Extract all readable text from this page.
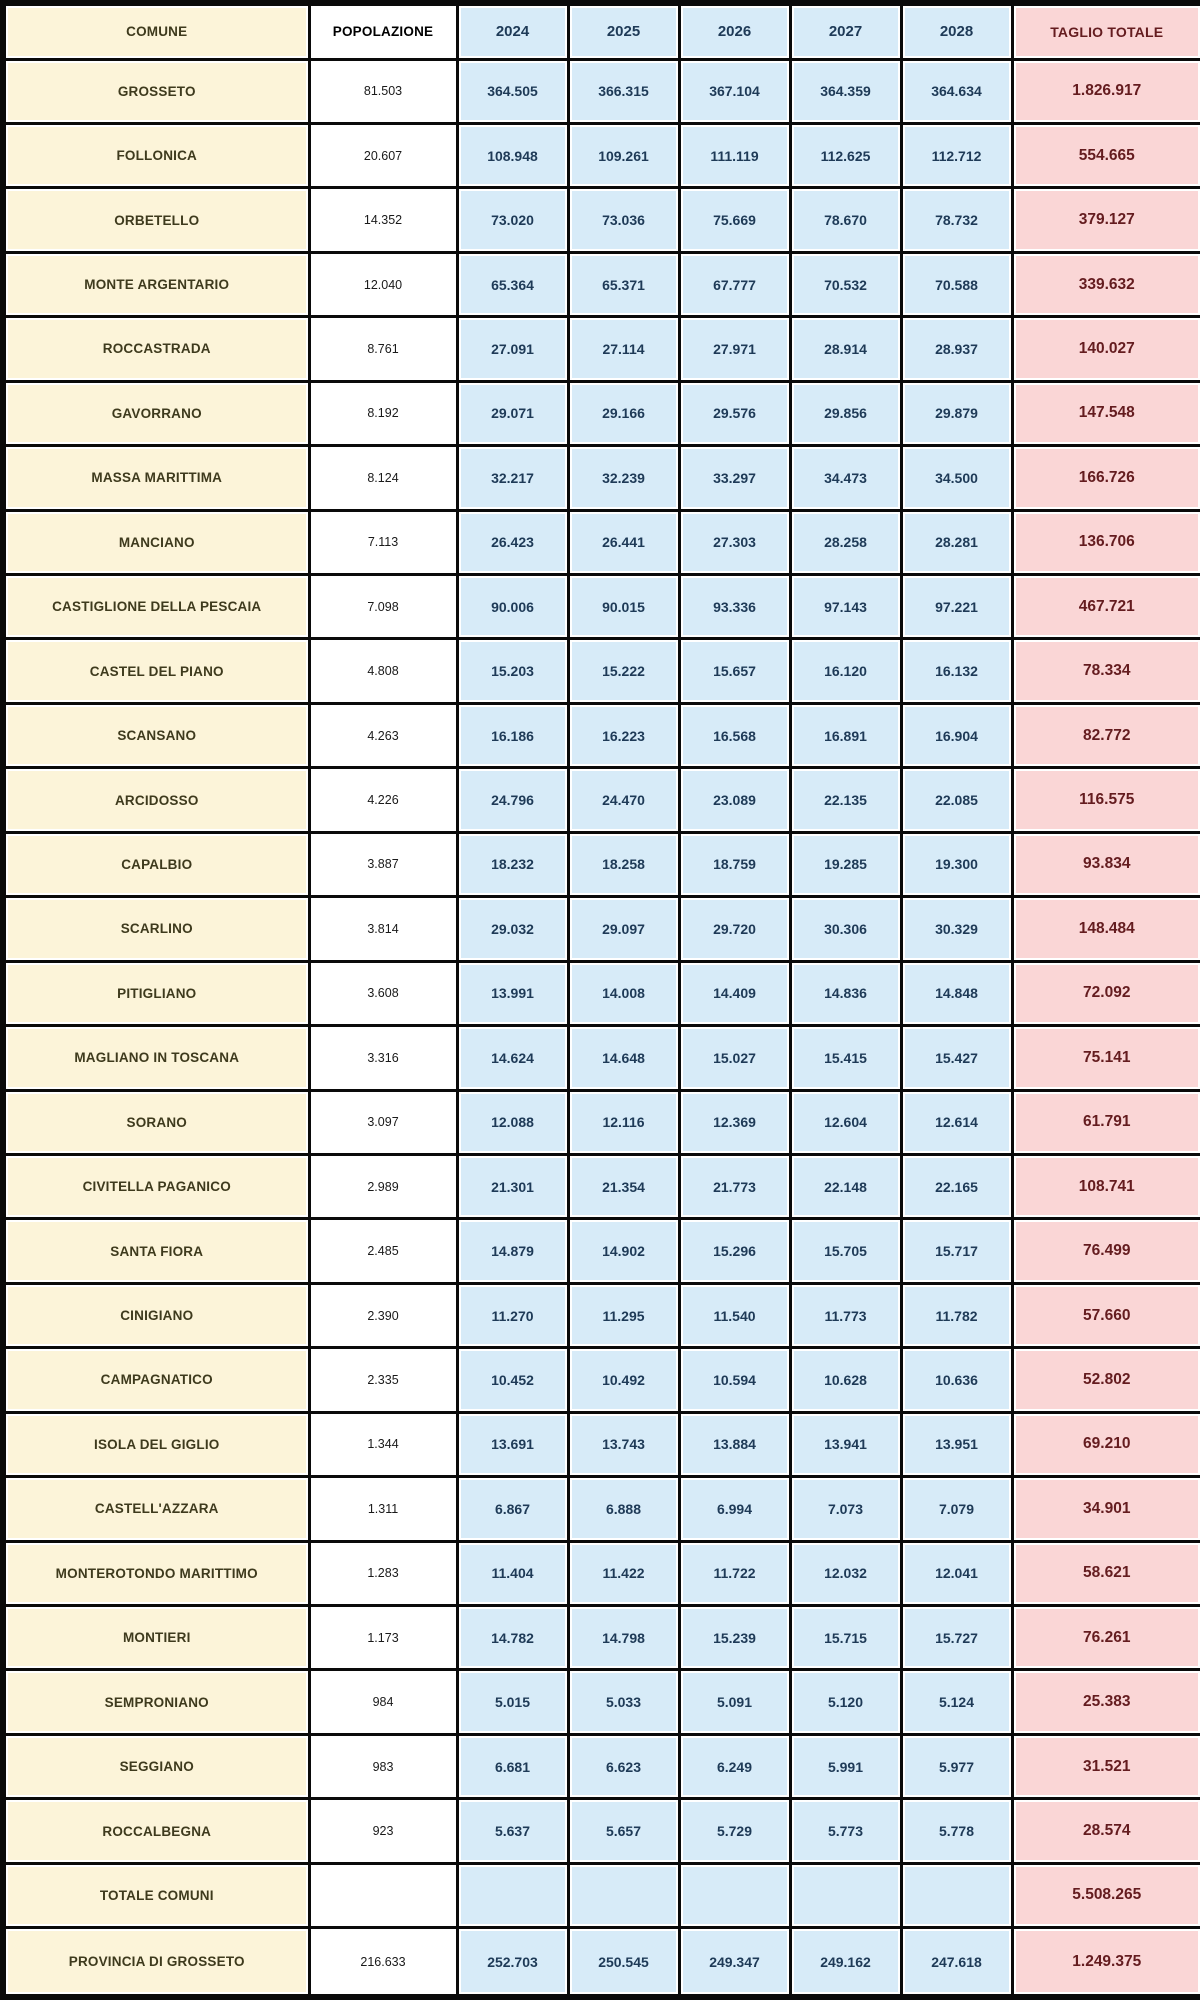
COMUNE	POPOLAZIONE	2024	2025	2026	2027	2028	TAGLIO TOTALE
GROSSETO	81.503	364.505	366.315	367.104	364.359	364.634	1.826.917
FOLLONICA	20.607	108.948	109.261	111.119	112.625	112.712	554.665
ORBETELLO	14.352	73.020	73.036	75.669	78.670	78.732	379.127
MONTE ARGENTARIO	12.040	65.364	65.371	67.777	70.532	70.588	339.632
ROCCASTRADA	8.761	27.091	27.114	27.971	28.914	28.937	140.027
GAVORRANO	8.192	29.071	29.166	29.576	29.856	29.879	147.548
MASSA MARITTIMA	8.124	32.217	32.239	33.297	34.473	34.500	166.726
MANCIANO	7.113	26.423	26.441	27.303	28.258	28.281	136.706
CASTIGLIONE DELLA PESCAIA	7.098	90.006	90.015	93.336	97.143	97.221	467.721
CASTEL DEL PIANO	4.808	15.203	15.222	15.657	16.120	16.132	78.334
SCANSANO	4.263	16.186	16.223	16.568	16.891	16.904	82.772
ARCIDOSSO	4.226	24.796	24.470	23.089	22.135	22.085	116.575
CAPALBIO	3.887	18.232	18.258	18.759	19.285	19.300	93.834
SCARLINO	3.814	29.032	29.097	29.720	30.306	30.329	148.484
PITIGLIANO	3.608	13.991	14.008	14.409	14.836	14.848	72.092
MAGLIANO IN TOSCANA	3.316	14.624	14.648	15.027	15.415	15.427	75.141
SORANO	3.097	12.088	12.116	12.369	12.604	12.614	61.791
CIVITELLA PAGANICO	2.989	21.301	21.354	21.773	22.148	22.165	108.741
SANTA FIORA	2.485	14.879	14.902	15.296	15.705	15.717	76.499
CINIGIANO	2.390	11.270	11.295	11.540	11.773	11.782	57.660
CAMPAGNATICO	2.335	10.452	10.492	10.594	10.628	10.636	52.802
ISOLA DEL GIGLIO	1.344	13.691	13.743	13.884	13.941	13.951	69.210
CASTELL'AZZARA	1.311	6.867	6.888	6.994	7.073	7.079	34.901
MONTEROTONDO MARITTIMO	1.283	11.404	11.422	11.722	12.032	12.041	58.621
MONTIERI	1.173	14.782	14.798	15.239	15.715	15.727	76.261
SEMPRONIANO	984	5.015	5.033	5.091	5.120	5.124	25.383
SEGGIANO	983	6.681	6.623	6.249	5.991	5.977	31.521
ROCCALBEGNA	923	5.637	5.657	5.729	5.773	5.778	28.574
TOTALE COMUNI							5.508.265
PROVINCIA DI GROSSETO	216.633	252.703	250.545	249.347	249.162	247.618	1.249.375
